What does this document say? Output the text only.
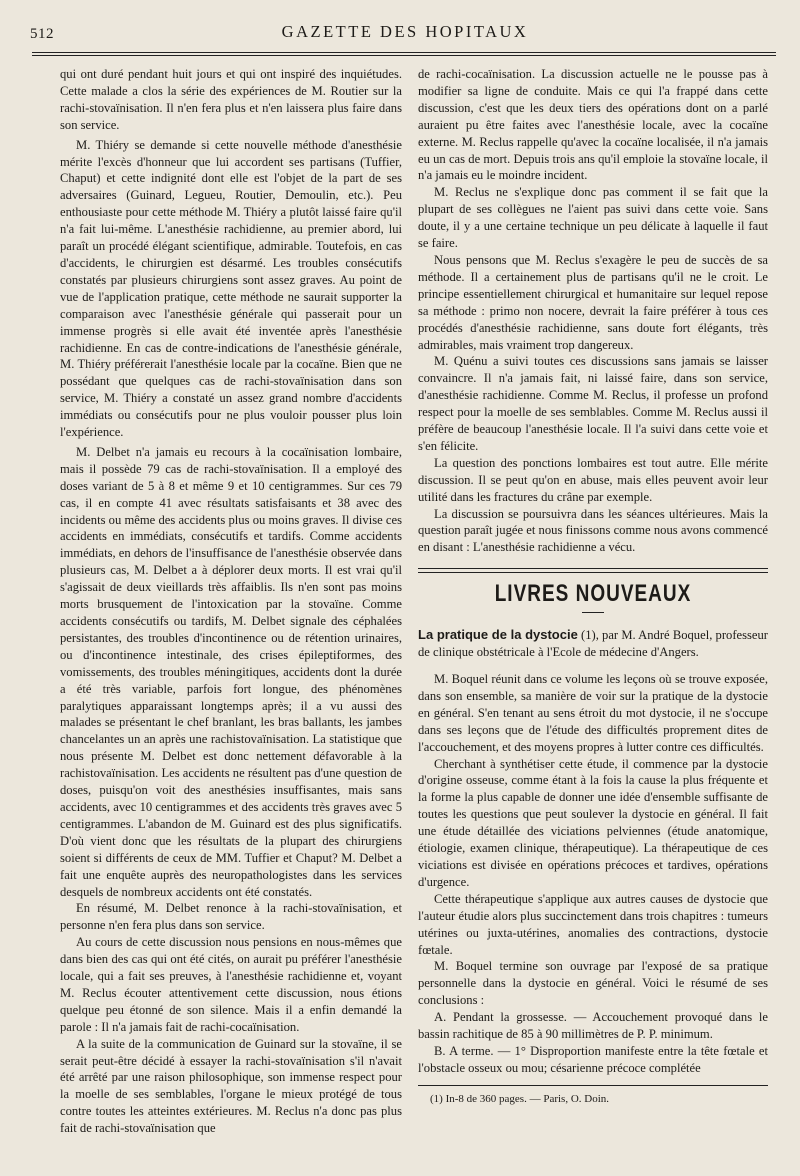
512	GAZETTE DES HOPITAUX

qui ont duré pendant huit jours et qui ont inspiré des inquiétudes. Cette malade a clos la série des expériences de M. Routier sur la rachi-stovaïnisation. Il n'en fera plus et n'en laissera plus faire dans son service.

M. Thiéry se demande si cette nouvelle méthode d'anesthésie mérite l'excès d'honneur que lui accordent ses partisans (Tuffier, Chaput) et cette indignité dont elle est l'objet de la part de ses adversaires (Guinard, Legueu, Routier, Demoulin, etc.). Peu enthousiaste pour cette méthode M. Thiéry a plutôt laissé faire qu'il n'a fait lui-même. L'anesthésie rachidienne, au premier abord, lui paraît un procédé élégant scientifique, admirable. Toutefois, en cas d'accidents, le chirurgien est désarmé. Les troubles consécutifs constatés par plusieurs chirurgiens sont assez graves. Au point de vue de l'application pratique, cette méthode ne saurait supporter la comparaison avec l'anesthésie générale qui passerait pour un immense progrès si elle avait été inventée après l'anesthésie rachidienne. En cas de contre-indications de l'anesthésie générale, M. Thiéry préférerait l'anesthésie locale par la cocaïne. Bien que ne possédant que quelques cas de rachi-stovaïnisation dans son service, M. Thiéry a constaté un assez grand nombre d'accidents immédiats ou consécutifs pour ne plus vouloir pousser plus loin l'expérience.

M. Delbet n'a jamais eu recours à la cocaïnisation lombaire, mais il possède 79 cas de rachi-stovaïnisation. Il a employé des doses variant de 5 à 8 et même 9 et 10 centigrammes. Sur ces 79 cas, il en compte 41 avec résultats satisfaisants et 38 avec des incidents ou même des accidents plus ou moins graves. Il divise ces accidents en immédiats, consécutifs et tardifs. Comme accidents immédiats, en dehors de l'insuffisance de l'anesthésie observée dans plusieurs cas, M. Delbet a à déplorer deux morts. Il est vrai qu'il s'agissait de deux vieillards très affaiblis. Ils n'en sont pas moins morts brusquement de l'intoxication par la stovaïne. Comme accidents consécutifs ou tardifs, M. Delbet signale des céphalées persistantes, des troubles d'incontinence ou de rétention urinaires, ou d'incontinence intestinale, des crises épileptiformes, des vomissements, des troubles méningitiques, accidents dont la durée a été très variable, parfois fort longue, des phénomènes paralytiques apparaissant longtemps après; il a vu aussi des malades se présentant le chef branlant, les bras ballants, les jambes chancelantes un an après une rachistovaïnisation. La statistique que nous présente M. Delbet est donc nettement défavorable à la rachistovaïnisation. Les accidents ne résultent pas d'une question de doses, puisqu'on voit des anesthésies insuffisantes, mais sans accidents, avec 10 centigrammes et des accidents très graves avec 5 centigrammes. L'abandon de M. Guinard est des plus significatifs. D'où vient donc que les résultats de la plupart des chirurgiens soient si différents de ceux de MM. Tuffier et Chaput? M. Delbet a fait une enquête auprès des neuropathologistes dans les services desquels de nombreux accidents ont été constatés.

En résumé, M. Delbet renonce à la rachi-stovaïnisation, et personne n'en fera plus dans son service.

Au cours de cette discussion nous pensions en nous-mêmes que dans bien des cas qui ont été cités, on aurait pu préférer l'anesthésie locale, qui a fait ses preuves, à l'anesthésie rachidienne et, voyant M. Reclus écouter attentivement cette discussion, nous étions quelque peu étonné de son silence. Mais il a enfin demandé la parole : Il n'a jamais fait de rachi-cocaïnisation.

A la suite de la communication de Guinard sur la stovaïne, il se serait peut-être décidé à essayer la rachi-stovaïnisation s'il n'avait été arrêté par une raison philosophique, son immense respect pour la moelle de ses semblables, l'organe le mieux protégé de tous contre toutes les atteintes extérieures. M. Reclus n'a donc pas plus fait de rachi-stovaïnisation que

de rachi-cocaïnisation. La discussion actuelle ne le pousse pas à modifier sa ligne de conduite. Mais ce qui l'a frappé dans cette discussion, c'est que les deux tiers des opérations dont on a parlé auraient pu être faites avec l'anesthésie locale, avec la cocaïne externe. M. Reclus rappelle qu'avec la cocaïne localisée, il n'a jamais eu un cas de mort. Depuis trois ans qu'il emploie la stovaïne locale, il n'a jamais eu le moindre incident.

M. Reclus ne s'explique donc pas comment il se fait que la plupart de ses collègues ne l'aient pas suivi dans cette voie. Sans doute, il y a une certaine technique un peu délicate à laquelle il faut se faire.

Nous pensons que M. Reclus s'exagère le peu de succès de sa méthode. Il a certainement plus de partisans qu'il ne le croit. Le principe essentiellement chirurgical et humanitaire sur lequel repose sa méthode : primo non nocere, devrait la faire préférer à tous ces procédés d'anesthésie rachidienne, sans doute fort élégants, très admirables, mais vraiment trop dangereux.

M. Quénu a suivi toutes ces discussions sans jamais se laisser convaincre. Il n'a jamais fait, ni laissé faire, dans son service, d'anesthésie rachidienne. Comme M. Reclus, il professe un profond respect pour la moelle de ses semblables. Comme M. Reclus aussi il préfère de beaucoup l'anesthésie locale. Il l'a suivi dans cette voie et s'en félicite.

La question des ponctions lombaires est tout autre. Elle mérite discussion. Il se peut qu'on en abuse, mais elles peuvent avoir leur utilité dans les fractures du crâne par exemple.

La discussion se poursuivra dans les séances ultérieures. Mais la question paraît jugée et nous finissons comme nous avons commencé en disant : L'anesthésie rachidienne a vécu.

LIVRES NOUVEAUX

La pratique de la dystocie (1), par M. André Boquel, professeur de clinique obstétricale à l'Ecole de médecine d'Angers.

M. Boquel réunit dans ce volume les leçons où se trouve exposée, dans son ensemble, sa manière de voir sur la pratique de la dystocie en général. S'en tenant au sens étroit du mot dystocie, il ne s'occupe dans ses leçons que de l'étude des difficultés proprement dites de l'accouchement, et des moyens propres à lutter contre ces difficultés.

Cherchant à synthétiser cette étude, il commence par la dystocie d'origine osseuse, comme étant à la fois la cause la plus fréquente et la forme la plus capable de donner une idée d'ensemble suffisante de toutes les questions que peut soulever la dystocie en général. Il fait une étude détaillée des viciations pelviennes (étude anatomique, étiologie, examen clinique, thérapeutique). La thérapeutique de ces viciations est divisée en opérations précoces et tardives, opérations d'urgence.

Cette thérapeutique s'applique aux autres causes de dystocie que l'auteur étudie alors plus succinctement dans trois chapitres : tumeurs utérines ou juxta-utérines, anomalies des contractions, dystocie fœtale.

M. Boquel termine son ouvrage par l'exposé de sa pratique personnelle dans la dystocie en général. Voici le résumé de ses conclusions :

A. Pendant la grossesse. — Accouchement provoqué dans le bassin rachitique de 85 à 90 millimètres de P. P. minimum.

B. A terme. — 1° Disproportion manifeste entre la tête fœtale et l'obstacle osseux ou mou; césarienne précoce complétée

(1) In-8 de 360 pages. — Paris, O. Doin.
